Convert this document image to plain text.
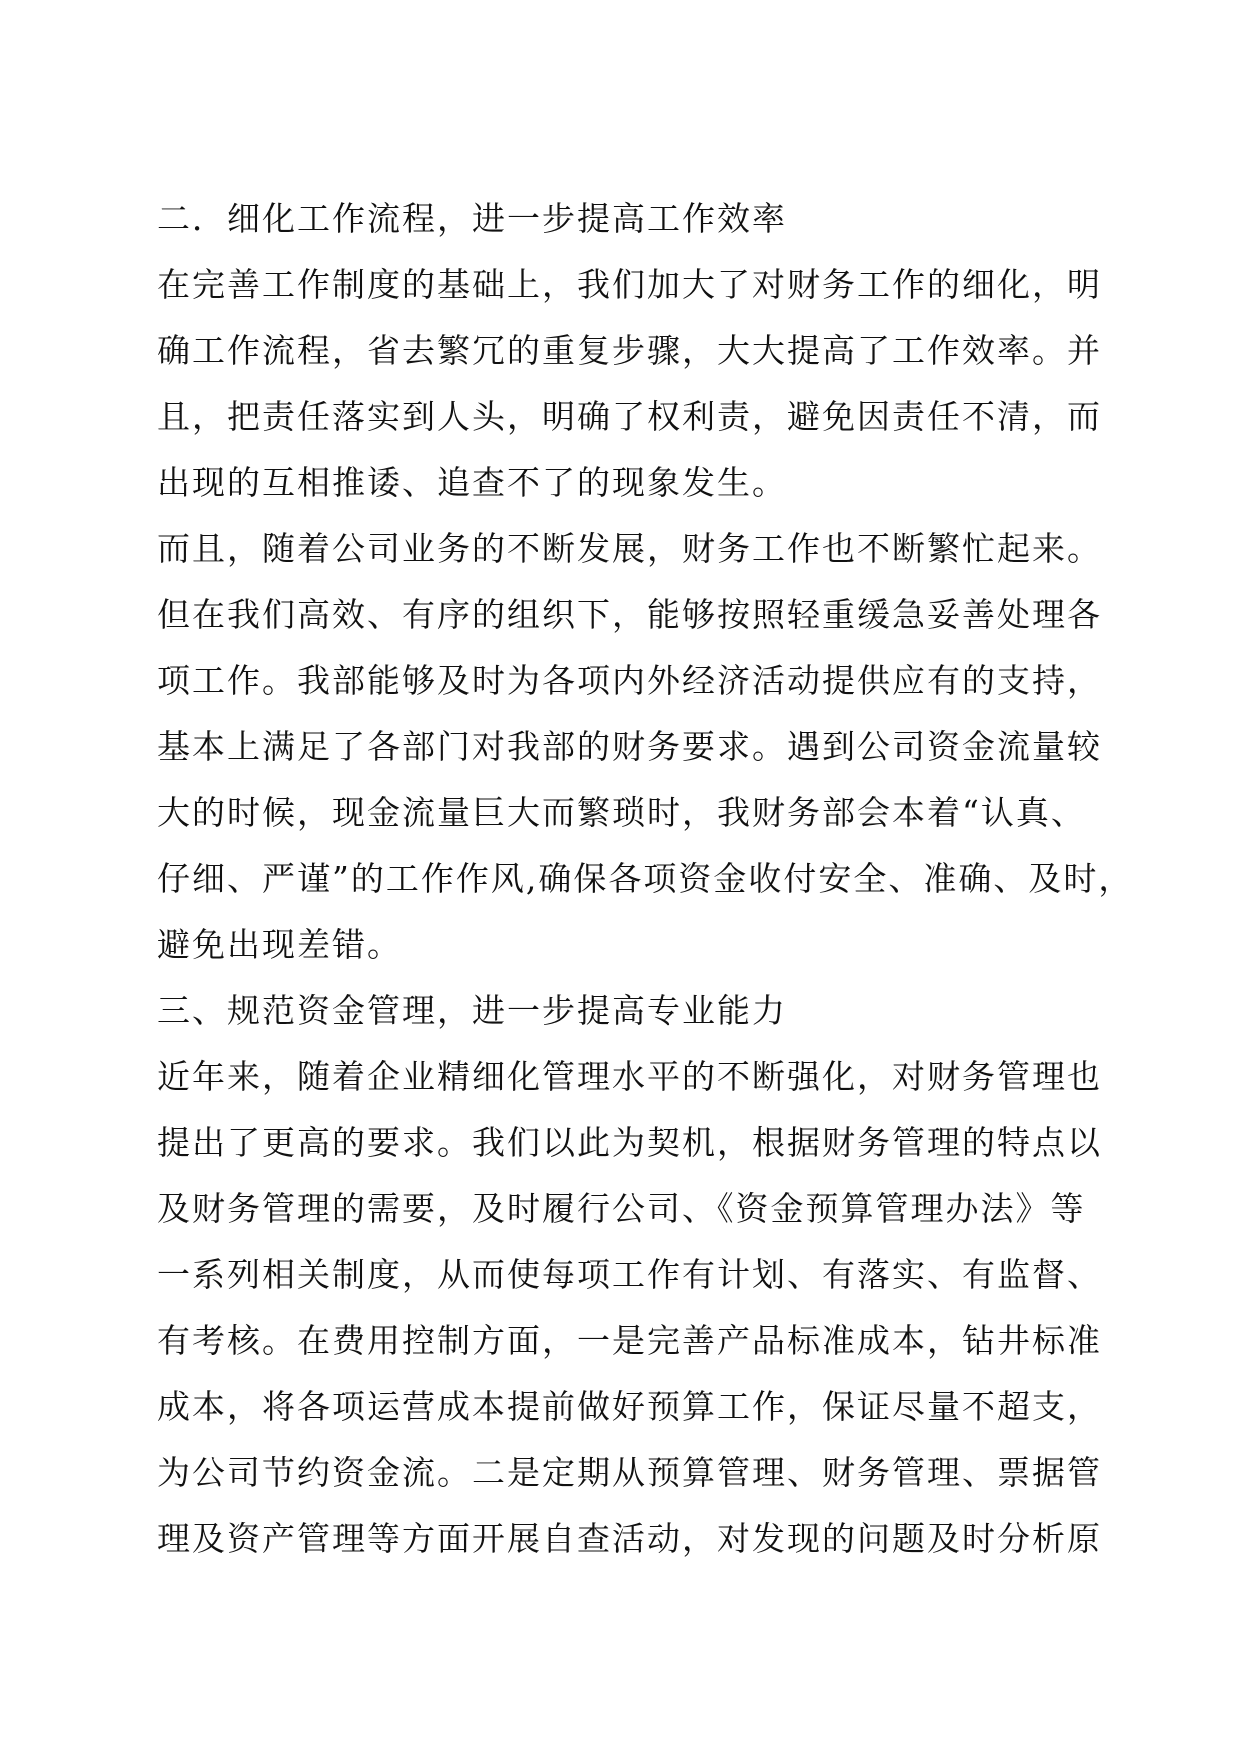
二．细化工作流程，进一步提高工作效率
在完善工作制度的基础上，我们加大了对财务工作的细化，明
确工作流程，省去繁冗的重复步骤，大大提高了工作效率。并
且，把责任落实到人头，明确了权利责，避免因责任不清，而
出现的互相推诿、追查不了的现象发生。
而且，随着公司业务的不断发展，财务工作也不断繁忙起来。
但在我们高效、有序的组织下，能够按照轻重缓急妥善处理各
项工作。我部能够及时为各项内外经济活动提供应有的支持，
基本上满足了各部门对我部的财务要求。遇到公司资金流量较
大的时候，现金流量巨大而繁琐时，我财务部会本着“认真、
仔细、严谨”的工作作风,确保各项资金收付安全、准确、及时，
避免出现差错。
三、规范资金管理，进一步提高专业能力
近年来，随着企业精细化管理水平的不断强化，对财务管理也
提出了更高的要求。我们以此为契机，根据财务管理的特点以
及财务管理的需要，及时履行公司、《资金预算管理办法》等
一系列相关制度，从而使每项工作有计划、有落实、有监督、
有考核。在费用控制方面，一是完善产品标准成本，钻井标准
成本，将各项运营成本提前做好预算工作，保证尽量不超支，
为公司节约资金流。二是定期从预算管理、财务管理、票据管
理及资产管理等方面开展自查活动，对发现的问题及时分析原
